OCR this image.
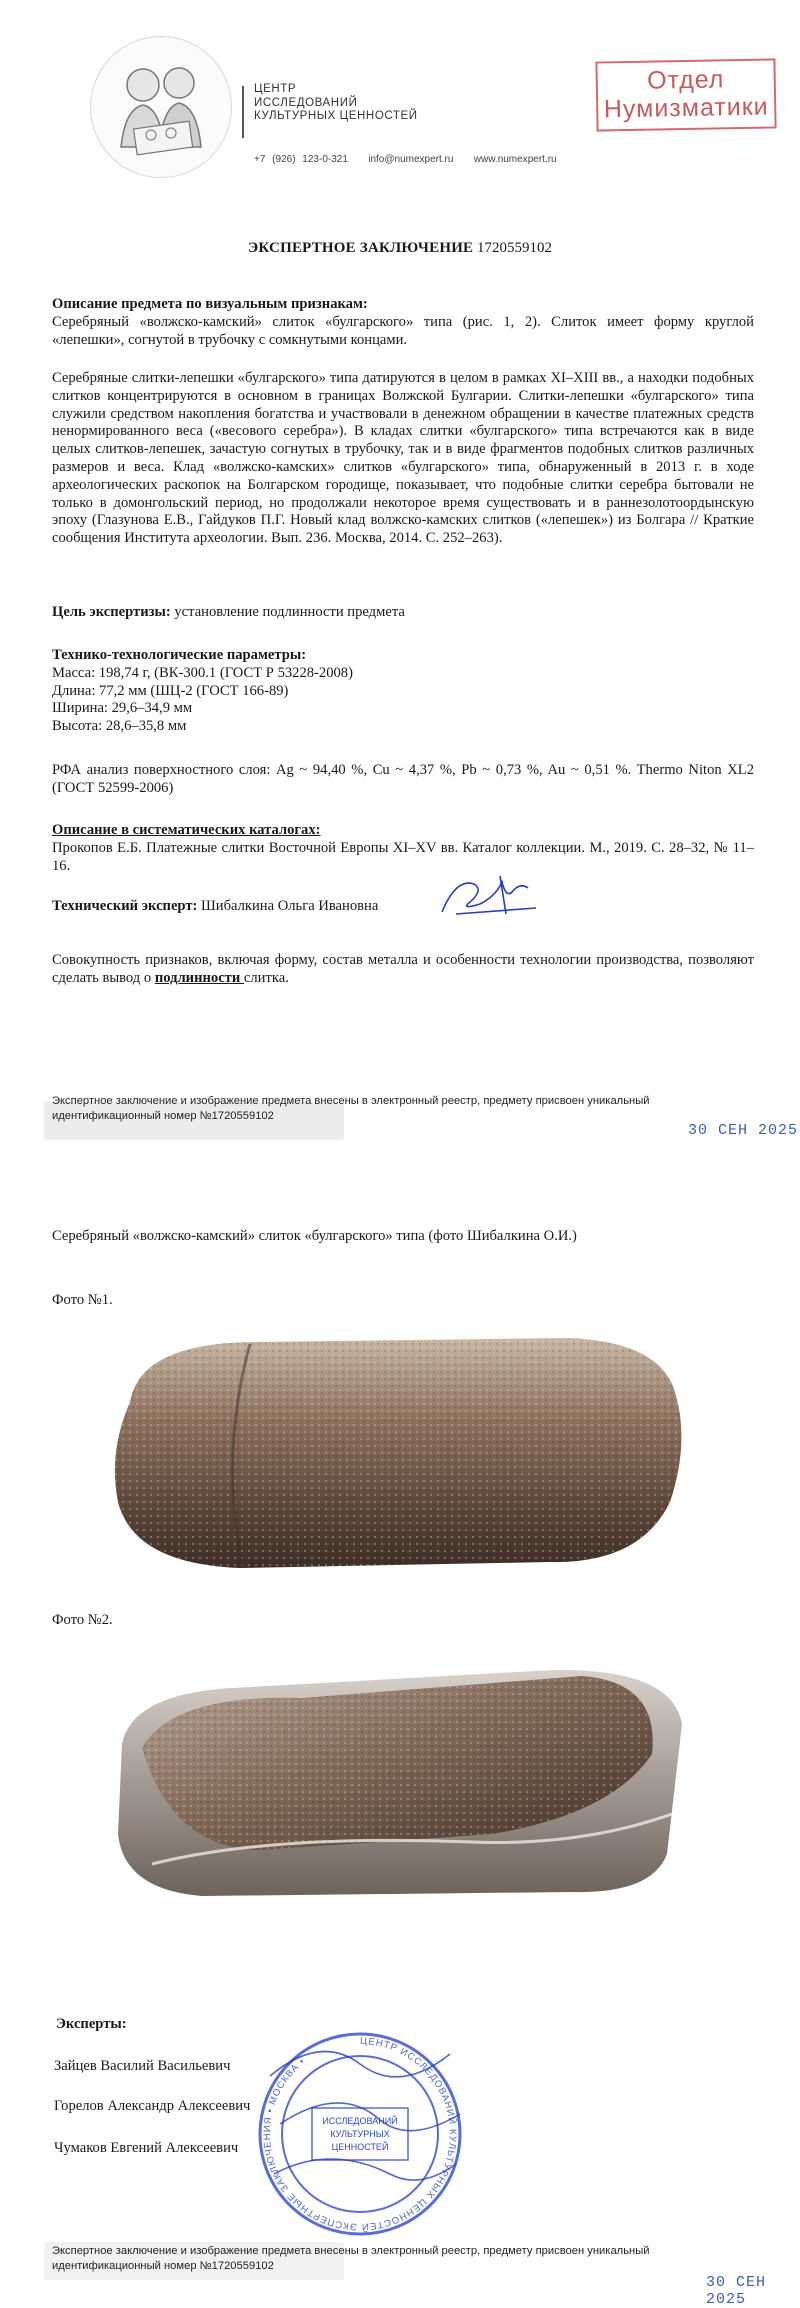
ЦЕНТР
ИССЛЕДОВАНИЙ
КУЛЬТУРНЫХ ЦЕННОСТЕЙ
+7 (926) 123-0-321 info@numexpert.ru www.numexpert.ru
Отдел
Нумизматики
ЭКСПЕРТНОЕ ЗАКЛЮЧЕНИЕ 1720559102

Описание предмета по визуальным признакам:

Серебряный «волжско-камский» слиток «булгарского» типа (рис. 1, 2). Слиток имеет форму круглой «лепешки», согнутой в трубочку с сомкнутыми концами.

Серебряные слитки-лепешки «булгарского» типа датируются в целом в рамках XI–XIII вв., а находки подобных слитков концентрируются в основном в границах Волжской Булгарии. Слитки-лепешки «булгарского» типа служили средством накопления богатства и участвовали в денежном обращении в качестве платежных средств ненормированного веса («весового серебра»). В кладах слитки «булгарского» типа встречаются как в виде целых слитков-лепешек, зачастую согнутых в трубочку, так и в виде фрагментов подобных слитков различных размеров и веса. Клад «волжско-камских» слитков «булгарского» типа, обнаруженный в 2013 г. в ходе археологических раскопок на Болгарском городище, показывает, что подобные слитки серебра бытовали не только в домонгольский период, но продолжали некоторое время существовать и в раннезолотоордынскую эпоху (Глазунова Е.В., Гайдуков П.Г. Новый клад волжско-камских слитков («лепешек») из Болгара // Краткие сообщения Института археологии. Вып. 236. Москва, 2014. С. 252–263).

Цель экспертизы: установление подлинности предмета

Технико-технологические параметры:

Масса: 198,74 г, (ВК-300.1 (ГОСТ Р 53228-2008)

Длина: 77,2 мм (ШЦ-2 (ГОСТ 166-89)

Ширина: 29,6–34,9 мм

Высота: 28,6–35,8 мм

РФА анализ поверхностного слоя: Ag ~ 94,40 %, Cu ~ 4,37 %, Pb ~ 0,73 %, Au ~ 0,51 %. Thermo Niton XL2 (ГОСТ 52599-2006)

Описание в систематических каталогах:

Прокопов Е.Б. Платежные слитки Восточной Европы XI–XV вв. Каталог коллекции. М., 2019. С. 28–32, № 11–16.

Технический эксперт: Шибалкина Ольга Ивановна

Совокупность признаков, включая форму, состав металла и особенности технологии производства, позволяют сделать вывод о подлинности слитка.

Экспертное заключение и изображение предмета внесены в электронный реестр, предмету присвоен уникальный идентификационный номер №1720559102
30 СЕН 2025
Серебряный «волжско-камский» слиток «булгарского» типа (фото Шибалкина О.И.)
Фото №1.
Фото №2.
Эксперты:
Зайцев Василий Васильевич
Горелов Александр Алексеевич
Чумаков Евгений Алексеевич
ЦЕНТР ИССЛЕДОВАНИЙ КУЛЬТУРНЫХ ЦЕННОСТЕЙ ЭКСПЕРТНЫЕ ЗАКЛЮЧЕНИЯ • МОСКВА •
ИССЛЕДОВАНИЙ
КУЛЬТУРНЫХ
ЦЕННОСТЕЙ
Экспертное заключение и изображение предмета внесены в электронный реестр, предмету присвоен уникальный идентификационный номер №1720559102
30 СЕН 2025
